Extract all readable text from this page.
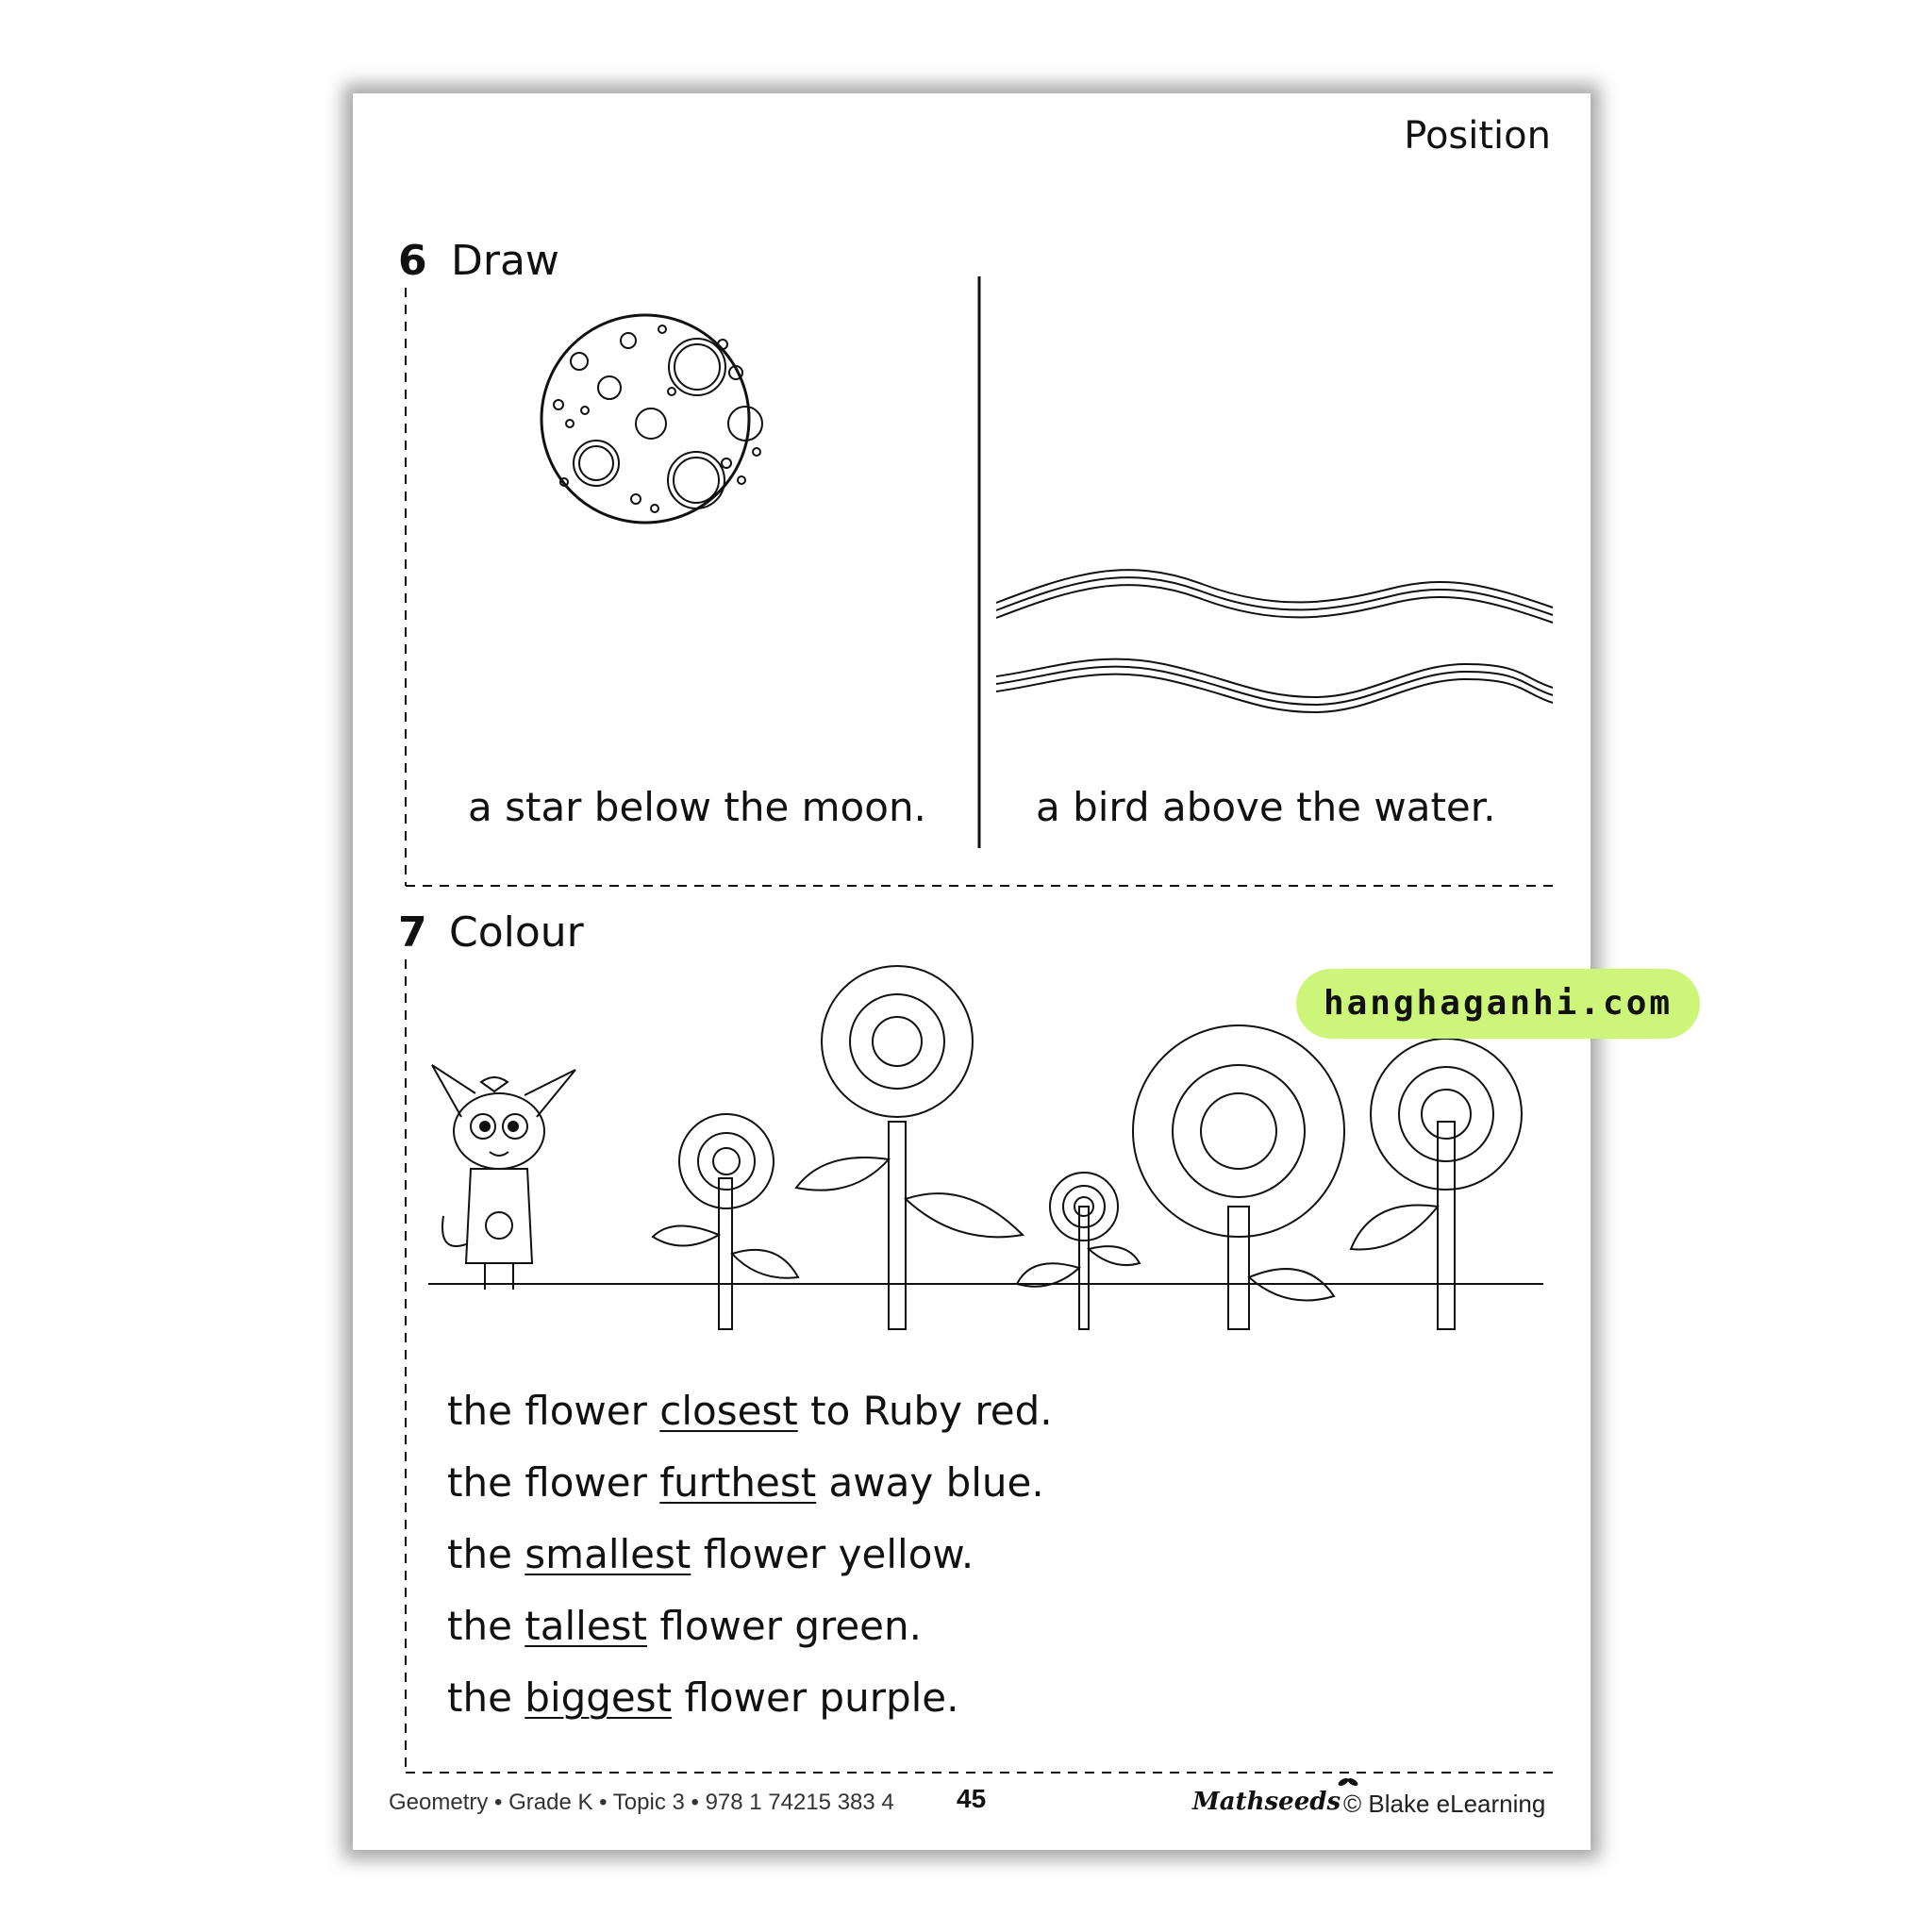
Position
6 Draw
a star below the moon.	a bird above the water.
7 Colour
the flower closest to Ruby red.
the flower furthest away blue.
the smallest flower yellow.
the tallest flower green.
the biggest flower purple.
hanghaganhi.com
Geometry • Grade K • Topic 3 • 978 1 74215 383 4 45	Mathseeds © Blake eLearning
